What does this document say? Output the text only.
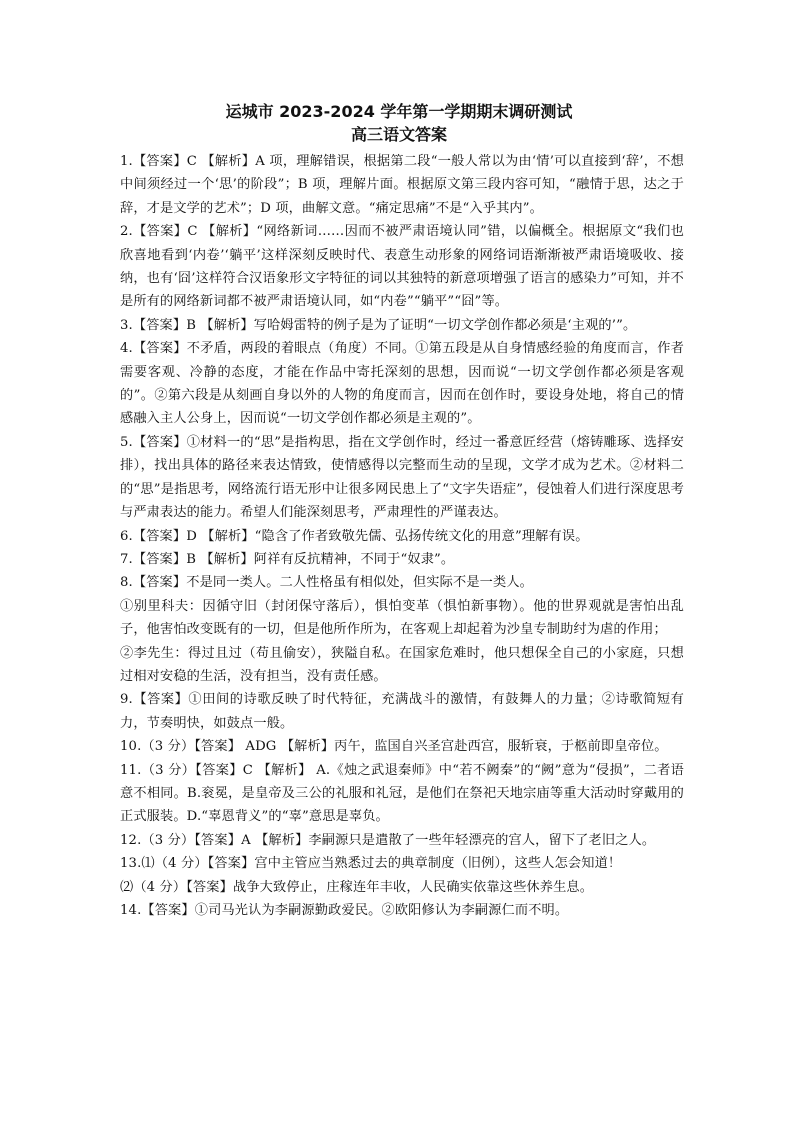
运城市 2023-2024 学年第一学期期末调研测试
高三语文答案

1.【答案】C 【解析】A 项，理解错误，根据第二段“一般人常以为由‘情’可以直接到‘辞’，不想中间须经过一个‘思’的阶段”；B 项，理解片面。根据原文第三段内容可知，“融情于思，达之于辞，才是文学的艺术”；D 项，曲解文意。“痛定思痛”不是“入乎其内”。

2.【答案】C 【解析】“网络新词……因而不被严肃语境认同”错，以偏概全。根据原文“我们也欣喜地看到‘内卷’‘躺平’这样深刻反映时代、表意生动形象的网络词语渐渐被严肃语境吸收、接纳，也有‘囧’这样符合汉语象形文字特征的词以其独特的新意项增强了语言的感染力”可知，并不是所有的网络新词都不被严肃语境认同，如“内卷”“躺平”“囧”等。

3.【答案】B 【解析】写哈姆雷特的例子是为了证明“一切文学创作都必须是‘主观的’”。

4.【答案】不矛盾，两段的着眼点（角度）不同。①第五段是从自身情感经验的角度而言，作者需要客观、冷静的态度，才能在作品中寄托深刻的思想，因而说“一切文学创作都必须是客观的”。②第六段是从刻画自身以外的人物的角度而言，因而在创作时，要设身处地，将自己的情感融入主人公身上，因而说“一切文学创作都必须是主观的”。

5.【答案】①材料一的“思”是指构思，指在文学创作时，经过一番意匠经营（熔铸雕琢、选择安排），找出具体的路径来表达情致，使情感得以完整而生动的呈现，文学才成为艺术。②材料二的“思”是指思考，网络流行语无形中让很多网民患上了“文字失语症”，侵蚀着人们进行深度思考与严肃表达的能力。希望人们能深刻思考，严肃理性的严谨表达。

6.【答案】D 【解析】“隐含了作者致敬先儒、弘扬传统文化的用意”理解有误。

7.【答案】B 【解析】阿祥有反抗精神，不同于“奴隶”。

8.【答案】不是同一类人。二人性格虽有相似处，但实际不是一类人。

①别里科夫：因循守旧（封闭保守落后），惧怕变革（惧怕新事物）。他的世界观就是害怕出乱子，他害怕改变既有的一切，但是他所作所为，在客观上却起着为沙皇专制助纣为虐的作用；

②李先生：得过且过（苟且偷安），狭隘自私。在国家危难时，他只想保全自己的小家庭，只想过相对安稳的生活，没有担当，没有责任感。

9.【答案】①田间的诗歌反映了时代特征，充满战斗的激情，有鼓舞人的力量；②诗歌简短有力，节奏明快，如鼓点一般。

10.（3 分）【答案】 ADG 【解析】丙午，监国自兴圣宫赴西宫，服斩衰，于柩前即皇帝位。

11.（3 分）【答案】C 【解析】 A.《烛之武退秦师》中“若不阙秦”的“阙”意为“侵损”，二者语意不相同。B.衮冕，是皇帝及三公的礼服和礼冠，是他们在祭祀天地宗庙等重大活动时穿戴用的正式服装。D.“辜恩背义”的“辜”意思是辜负。

12.（3 分）【答案】A 【解析】李嗣源只是遣散了一些年轻漂亮的宫人，留下了老旧之人。

13.⑴（4 分）【答案】宫中主管应当熟悉过去的典章制度（旧例），这些人怎会知道！

⑵（4 分）【答案】战争大致停止，庄稼连年丰收，人民确实依靠这些休养生息。

14.【答案】①司马光认为李嗣源勤政爱民。②欧阳修认为李嗣源仁而不明。
